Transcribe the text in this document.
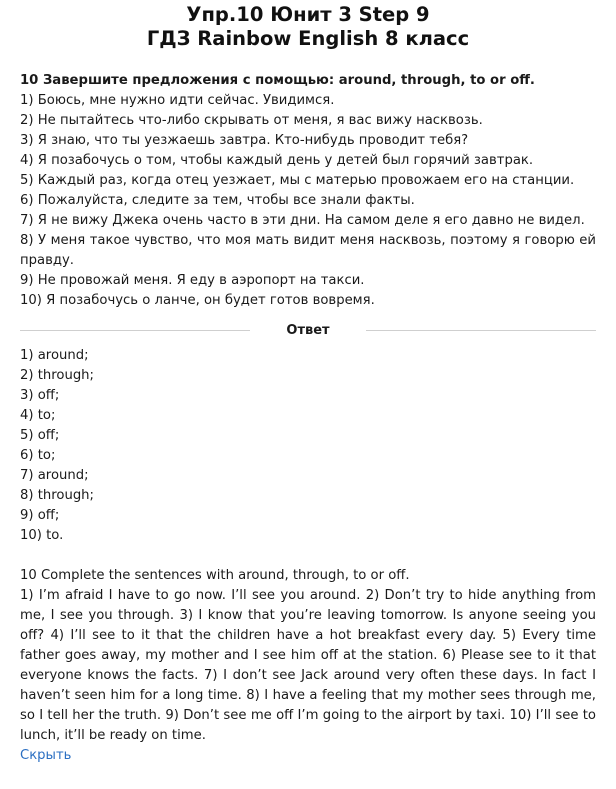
Упр.10 Юнит 3 Step 9
ГДЗ Rainbow English 8 класс
10 Завершите предложения с помощью: around, through, to or off.

1) Боюсь, мне нужно идти сейчас. Увидимся.

2) Не пытайтесь что-либо скрывать от меня, я вас вижу насквозь.

3) Я знаю, что ты уезжаешь завтра. Кто-нибудь проводит тебя?

4) Я позабочусь о том, чтобы каждый день у детей был горячий завтрак.

5) Каждый раз, когда отец уезжает, мы с матерью провожаем его на станции.

6) Пожалуйста, следите за тем, чтобы все знали факты.

7) Я не вижу Джека очень часто в эти дни. На самом деле я его давно не видел.

8) У меня такое чувство, что моя мать видит меня насквозь, поэтому я говорю ей правду.

9) Не провожай меня. Я еду в аэропорт на такси.

10) Я позабочусь о ланче, он будет готов вовремя.

Ответ

1) around;

2) through;

3) off;

4) to;

5) off;

6) to;

7) around;

8) through;

9) off;

10) to.

10 Complete the sentences with around, through, to or off.

1) I’m afraid I have to go now. I’ll see you around. 2) Don’t try to hide anything from me, I see you through. 3) I know that you’re leaving tomorrow. Is anyone seeing you off? 4) I’ll see to it that the children have a hot breakfast every day. 5) Every time father goes away, my mother and I see him off at the station. 6) Please see to it that everyone knows the facts. 7) I don’t see Jack around very often these days. In fact I haven’t seen him for a long time. 8) I have a feeling that my mother sees through me, so I tell her the truth. 9) Don’t see me off I’m going to the airport by taxi. 10) I’ll see to lunch, it’ll be ready on time.

Скрыть
